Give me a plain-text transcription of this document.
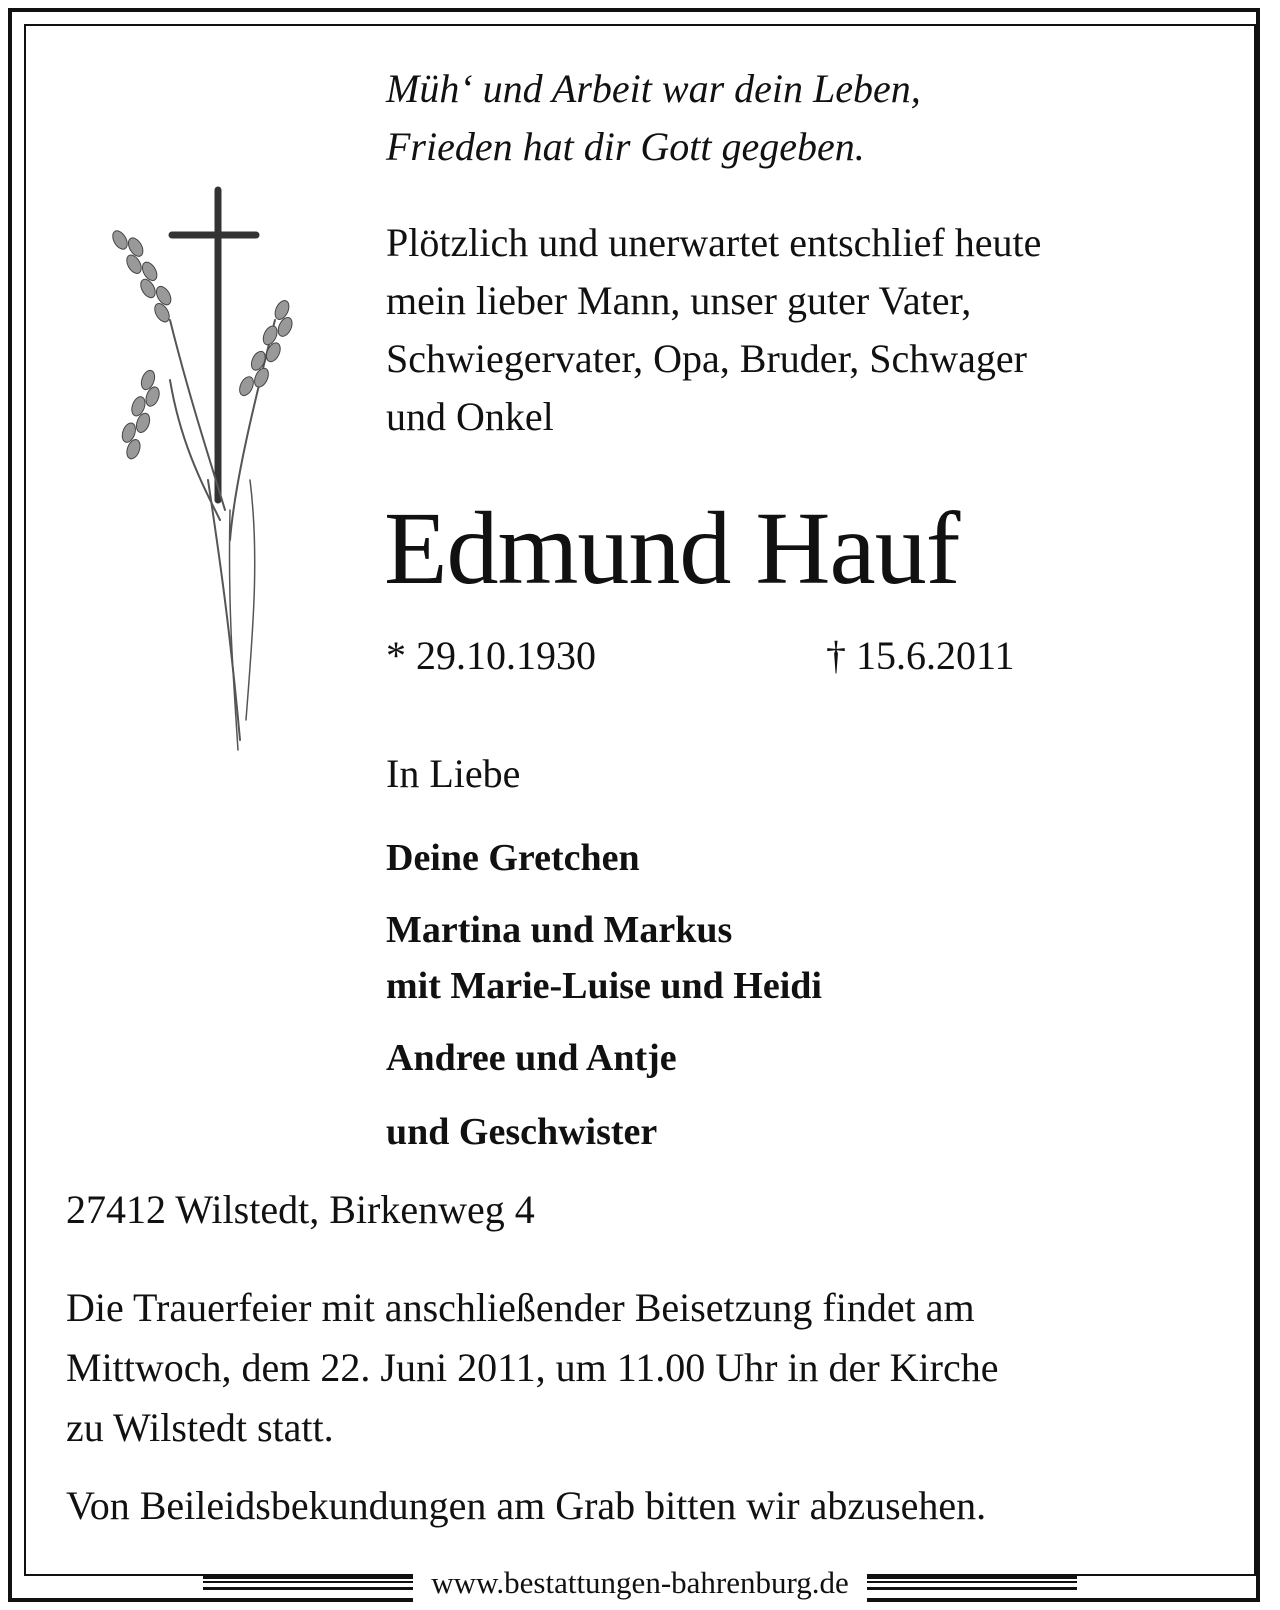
Müh‘ und Arbeit war dein Leben,
Frieden hat dir Gott gegeben.
Plötzlich und unerwartet entschlief heute
mein lieber Mann, unser guter Vater,
Schwiegervater, Opa, Bruder, Schwager
und Onkel
Edmund Hauf
* 29.10.1930	† 15.6.2011
In Liebe
Deine Gretchen
Martina und Markus
mit Marie-Luise und Heidi
Andree und Antje
und Geschwister
27412 Wilstedt, Birkenweg 4
Die Trauerfeier mit anschließender Beisetzung findet am
Mittwoch, dem 22. Juni 2011, um 11.00 Uhr in der Kirche
zu Wilstedt statt.
Von Beileidsbekundungen am Grab bitten wir abzusehen.
www.bestattungen-bahrenburg.de
